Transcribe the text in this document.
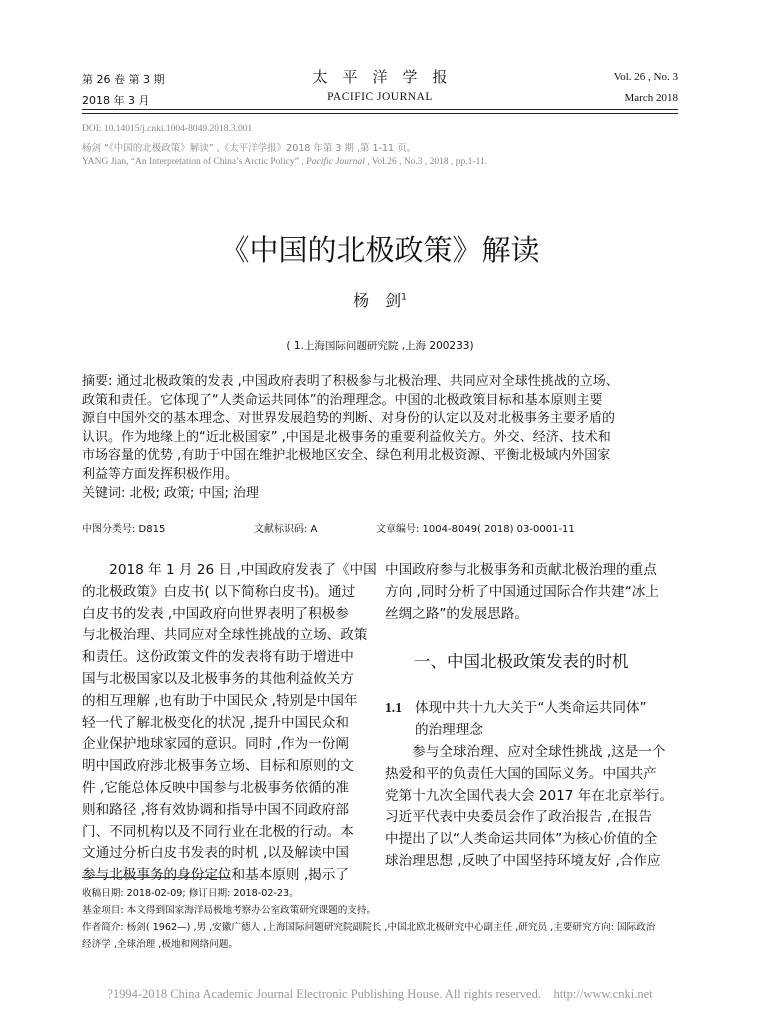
第 26 卷 第 3 期
2018 年 3 月
太　平　洋　学　报
PACIFIC JOURNAL
Vol. 26 , No. 3
March 2018
DOI: 10.14015/j.cnki.1004-8049.2018.3.001
杨剑 “《中国的北极政策》解读” ,《太平洋学报》2018 年第 3 期 ,第 1-11 页。
YANG Jian, “An Interpretation of China’s Arctic Policy” , Pacific Journal , Vol.26 , No.3 , 2018 , pp.1-11.
《中国的北极政策》解读
杨　剑$^1$
( 1.上海国际问题研究院 ,上海 200233)
摘要: 通过北极政策的发表 ,中国政府表明了积极参与北极治理、共同应对全球性挑战的立场、
政策和责任。它体现了“人类命运共同体”的治理理念。中国的北极政策目标和基本原则主要
源自中国外交的基本理念、对世界发展趋势的判断、对身份的认定以及对北极事务主要矛盾的
认识。作为地缘上的“近北极国家” ,中国是北极事务的重要利益攸关方。外交、经济、技术和
市场容量的优势 ,有助于中国在维护北极地区安全、绿色利用北极资源、平衡北极域内外国家
利益等方面发挥积极作用。
关键词: 北极; 政策; 中国; 治理
中图分类号: D815	文献标识码: A	文章编号: 1004-8049( 2018) 03-0001-11
　　2018 年 1 月 26 日 ,中国政府发表了《中国
的北极政策》白皮书( 以下简称白皮书)。通过
白皮书的发表 ,中国政府向世界表明了积极参
与北极治理、共同应对全球性挑战的立场、政策
和责任。这份政策文件的发表将有助于增进中
国与北极国家以及北极事务的其他利益攸关方
的相互理解 ,也有助于中国民众 ,特别是中国年
轻一代了解北极变化的状况 ,提升中国民众和
企业保护地球家园的意识。同时 ,作为一份阐
明中国政府涉北极事务立场、目标和原则的文
件 ,它能总体反映中国参与北极事务依循的准
则和路径 ,将有效协调和指导中国不同政府部
门、不同机构以及不同行业在北极的行动。本
文通过分析白皮书发表的时机 ,以及解读中国
参与北极事务的身份定位和基本原则 ,揭示了
中国政府参与北极事务和贡献北极治理的重点
方向 ,同时分析了中国通过国际合作共建“冰上
丝绸之路”的发展思路。
一、中国北极政策发表的时机
1.1 体现中共十九大关于“人类命运共同体”
的治理理念
　　参与全球治理、应对全球性挑战 ,这是一个
热爱和平的负责任大国的国际义务。中国共产
党第十九次全国代表大会 2017 年在北京举行。
习近平代表中央委员会作了政治报告 ,在报告
中提出了以“人类命运共同体”为核心价值的全
球治理思想 ,反映了中国坚持环境友好 ,合作应
收稿日期: 2018-02-09; 修订日期: 2018-02-23。
基金项目: 本文得到国家海洋局极地考察办公室政策研究课题的支持。
作者简介: 杨剑( 1962—) ,男 ,安徽广德人 ,上海国际问题研究院副院长 ,中国北欧北极研究中心副主任 ,研究员 ,主要研究方向: 国际政治
经济学 ,全球治理 ,极地和网络问题。
?1994-2018 China Academic Journal Electronic Publishing House. All rights reserved.    http://www.cnki.net
